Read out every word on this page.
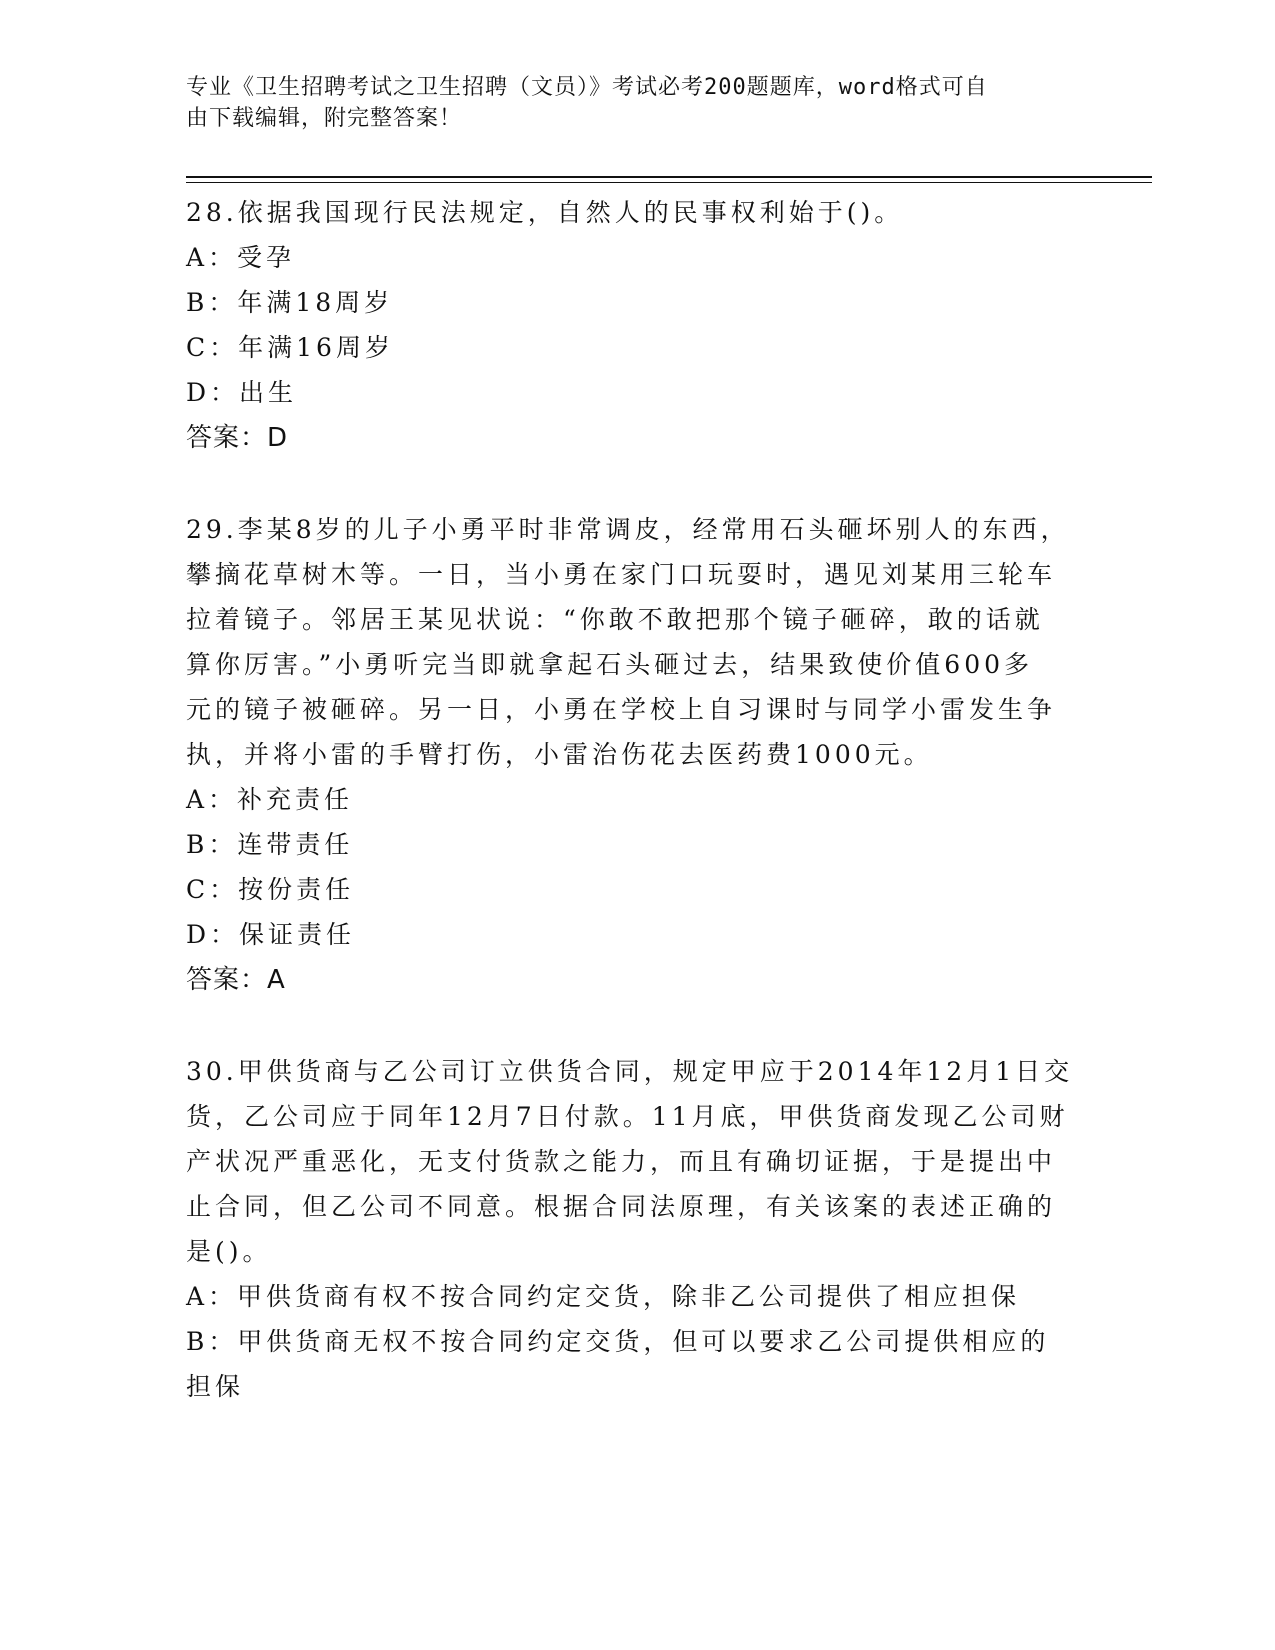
专业《卫生招聘考试之卫生招聘（文员）》考试必考200题题库，word格式可自
由下载编辑，附完整答案！

28.依据我国现行民法规定，自然人的民事权利始于()。

A：受孕

B：年满18周岁

C：年满16周岁

D：出生

答案：D

29.李某8岁的儿子小勇平时非常调皮，经常用石头砸坏别人的东西，

攀摘花草树木等。一日，当小勇在家门口玩耍时，遇见刘某用三轮车

拉着镜子。邻居王某见状说：“你敢不敢把那个镜子砸碎，敢的话就

算你厉害。”小勇听完当即就拿起石头砸过去，结果致使价值600多

元的镜子被砸碎。另一日，小勇在学校上自习课时与同学小雷发生争

执，并将小雷的手臂打伤，小雷治伤花去医药费1000元。

A：补充责任

B：连带责任

C：按份责任

D：保证责任

答案：A

30.甲供货商与乙公司订立供货合同，规定甲应于2014年12月1日交

货，乙公司应于同年12月7日付款。11月底，甲供货商发现乙公司财

产状况严重恶化，无支付货款之能力，而且有确切证据，于是提出中

止合同，但乙公司不同意。根据合同法原理，有关该案的表述正确的

是()。

A：甲供货商有权不按合同约定交货，除非乙公司提供了相应担保

B：甲供货商无权不按合同约定交货，但可以要求乙公司提供相应的担保
